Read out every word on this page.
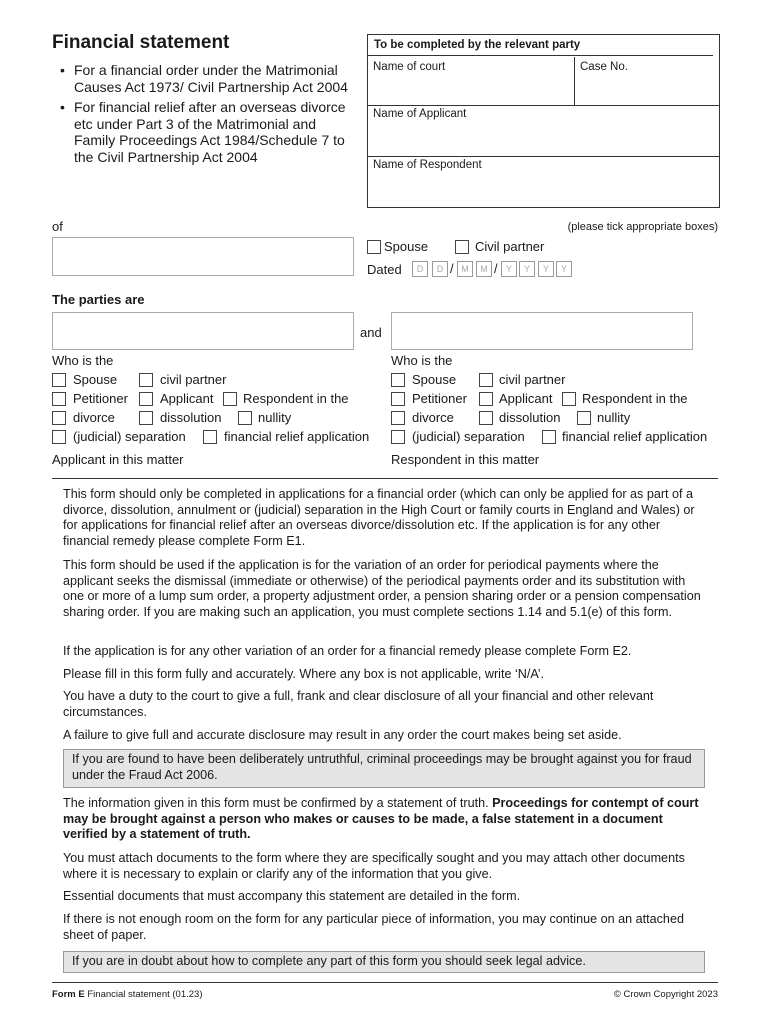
Financial statement
• For a financial order under the Matrimonial Causes Act 1973/ Civil Partnership Act 2004
• For financial relief after an overseas divorce etc under Part 3 of the Matrimonial and Family Proceedings Act 1984/Schedule 7 to the Civil Partnership Act 2004
To be completed by the relevant party
Name of court	Case No.
Name of Applicant
Name of Respondent
of	(please tick appropriate boxes)
Spouse	Civil partner
Dated	D	D / M	M / Y	Y	Y	Y
The parties are
and
Who is the
Spouse	civil partner
Petitioner Applicant Respondent in the
divorce	dissolution	nullity
(judicial) separation	financial relief application
Applicant in this matter
Who is the
Spouse	civil partner
Petitioner Applicant Respondent in the
divorce	dissolution	nullity
(judicial) separation	financial relief application
Respondent in this matter

This form should only be completed in applications for a financial order (which can only be applied for as part of a divorce, dissolution, annulment or (judicial) separation in the High Court or family courts in England and Wales) or for applications for financial relief after an overseas divorce/dissolution etc. If the application is for any other financial remedy please complete Form E1.

This form should be used if the application is for the variation of an order for periodical payments where the applicant seeks the dismissal (immediate or otherwise) of the periodical payments order and its substitution with one or more of a lump sum order, a property adjustment order, a pension sharing order or a pension compensation sharing order. If you are making such an application, you must complete sections 1.14 and 5.1(e) of this form.

If the application is for any other variation of an order for a financial remedy please complete Form E2.

Please fill in this form fully and accurately. Where any box is not applicable, write ‘N/A’.

You have a duty to the court to give a full, frank and clear disclosure of all your financial and other relevant circumstances.

A failure to give full and accurate disclosure may result in any order the court makes being set aside.

If you are found to have been deliberately untruthful, criminal proceedings may be brought against you for fraud under the Fraud Act 2006.

The information given in this form must be confirmed by a statement of truth. Proceedings for contempt of court may be brought against a person who makes or causes to be made, a false statement in a document verified by a statement of truth.

You must attach documents to the form where they are specifically sought and you may attach other documents where it is necessary to explain or clarify any of the information that you give.

Essential documents that must accompany this statement are detailed in the form.

If there is not enough room on the form for any particular piece of information, you may continue on an attached sheet of paper.

If you are in doubt about how to complete any part of this form you should seek legal advice.
Form E Financial statement (01.23)	© Crown Copyright 2023
